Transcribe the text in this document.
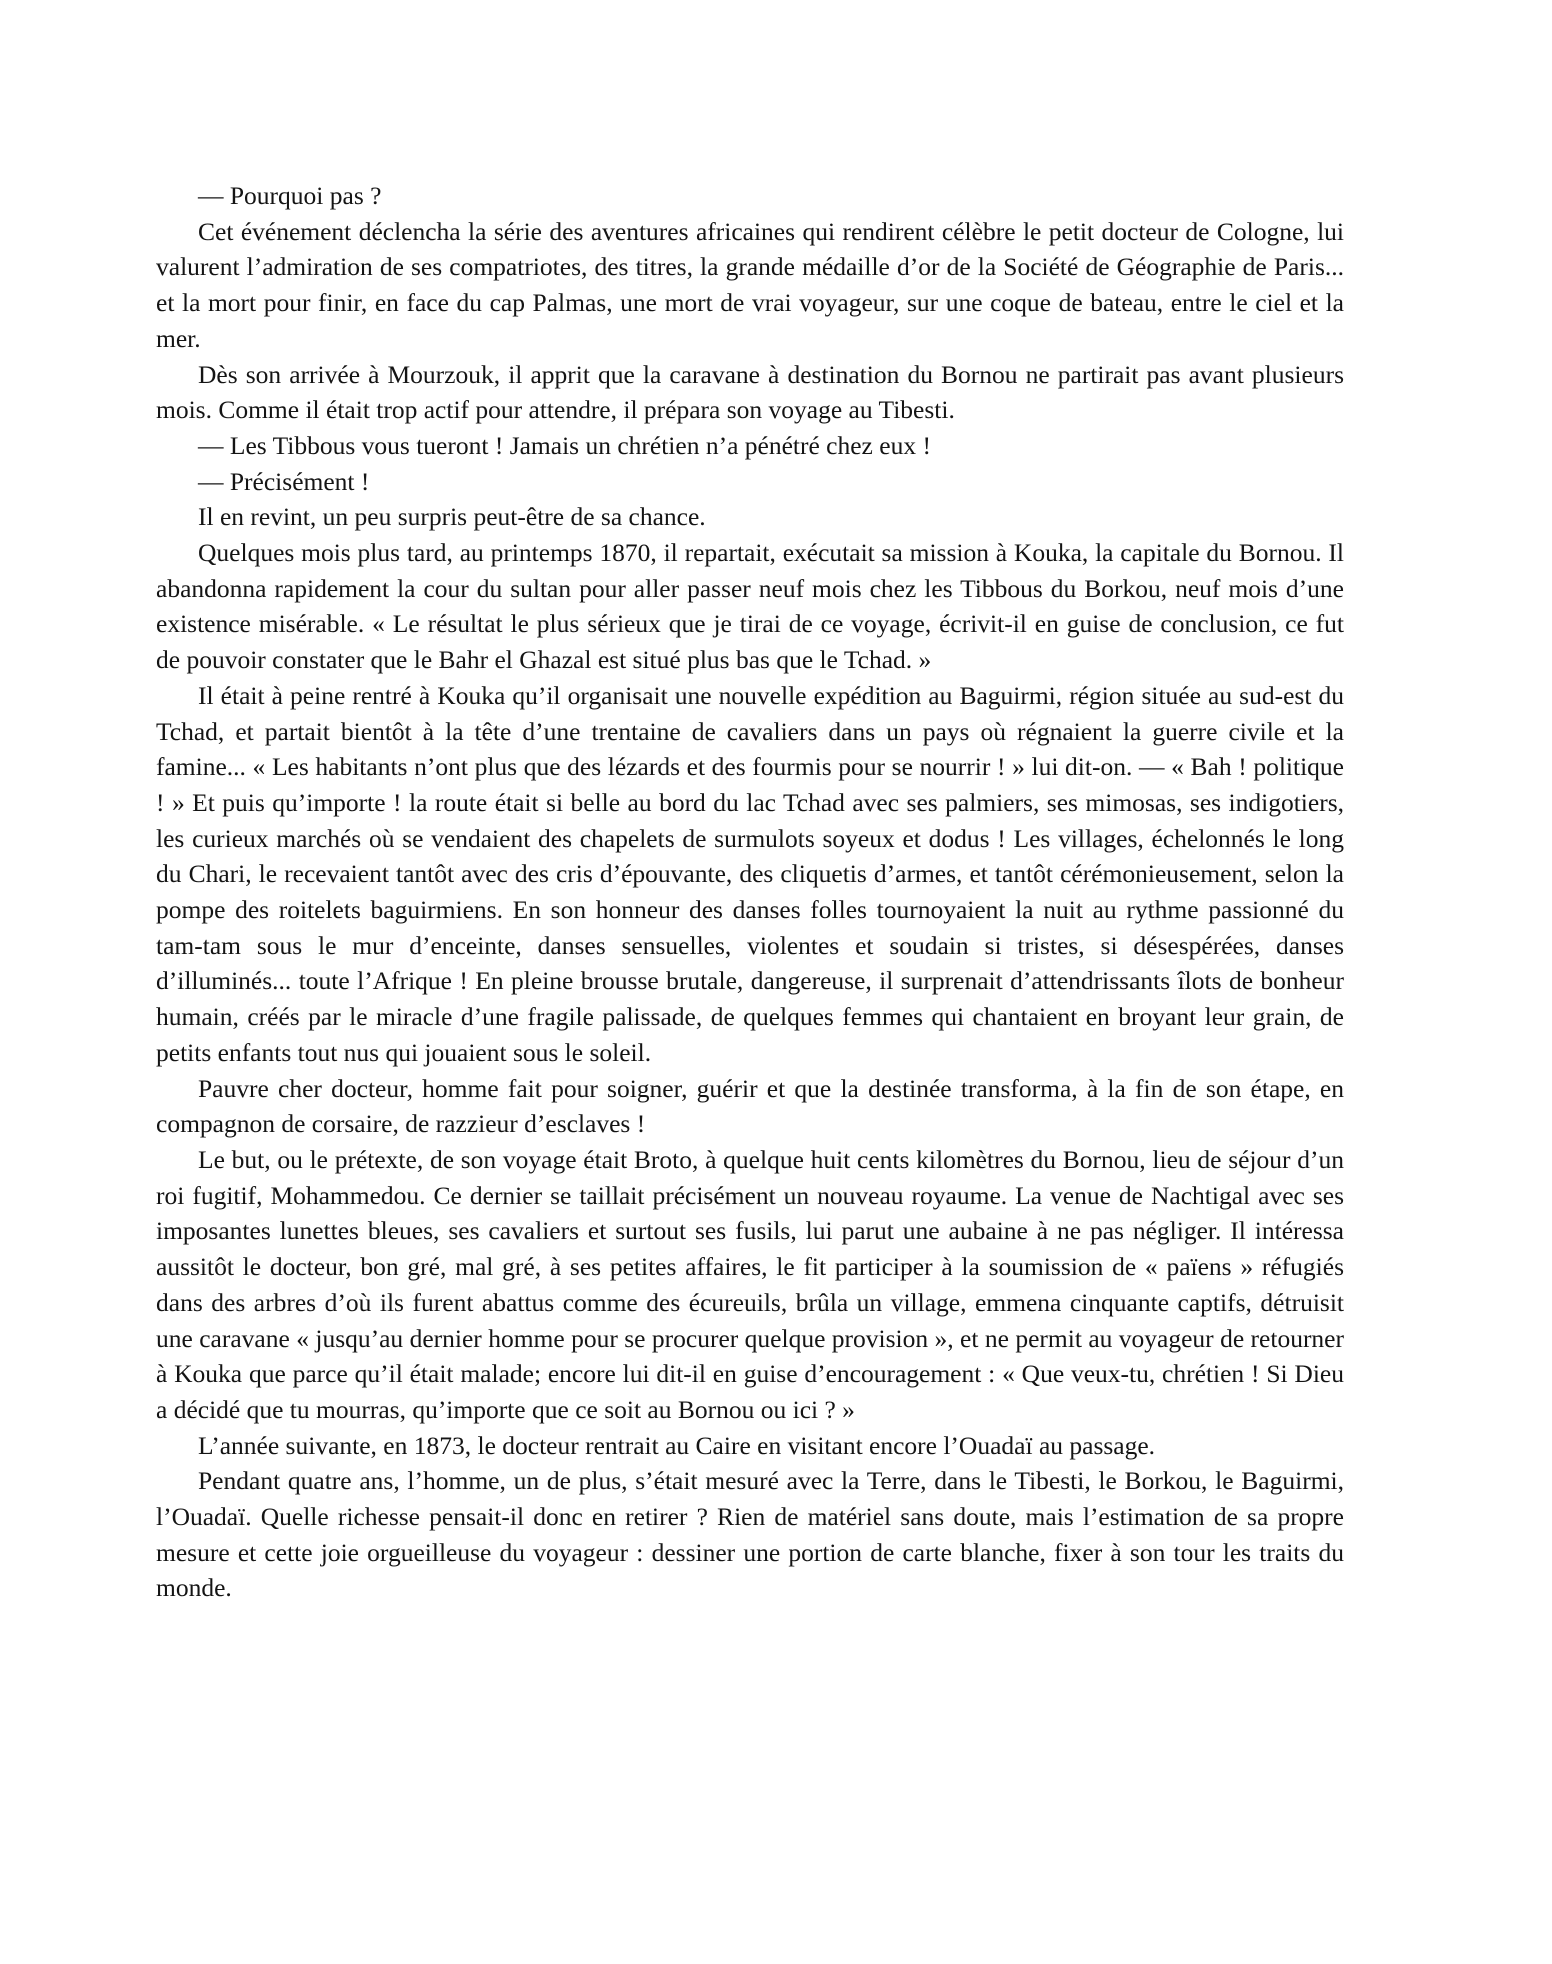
— Pourquoi pas ?

Cet événement déclencha la série des aventures africaines qui rendirent célèbre le petit docteur de Cologne, lui valurent l’admiration de ses compatriotes, des titres, la grande médaille d’or de la Société de Géographie de Paris... et la mort pour finir, en face du cap Palmas, une mort de vrai voyageur, sur une coque de bateau, entre le ciel et la mer.

Dès son arrivée à Mourzouk, il apprit que la caravane à destination du Bornou ne partirait pas avant plusieurs mois. Comme il était trop actif pour attendre, il prépara son voyage au Tibesti.

— Les Tibbous vous tueront ! Jamais un chrétien n’a pénétré chez eux !

— Précisément !

Il en revint, un peu surpris peut-être de sa chance.

Quelques mois plus tard, au printemps 1870, il repartait, exécutait sa mission à Kouka, la capitale du Bornou. Il abandonna rapidement la cour du sultan pour aller passer neuf mois chez les Tibbous du Borkou, neuf mois d’une existence misérable. « Le résultat le plus sérieux que je tirai de ce voyage, écrivit-il en guise de conclusion, ce fut de pouvoir constater que le Bahr el Ghazal est situé plus bas que le Tchad. »

Il était à peine rentré à Kouka qu’il organisait une nouvelle expédition au Baguirmi, région située au sud-est du Tchad, et partait bientôt à la tête d’une trentaine de cavaliers dans un pays où régnaient la guerre civile et la famine... « Les habitants n’ont plus que des lézards et des fourmis pour se nourrir ! » lui dit-on. — « Bah ! politique ! » Et puis qu’importe ! la route était si belle au bord du lac Tchad avec ses palmiers, ses mimosas, ses indigotiers, les curieux marchés où se vendaient des chapelets de surmulots soyeux et dodus ! Les villages, échelonnés le long du Chari, le recevaient tantôt avec des cris d’épouvante, des cliquetis d’armes, et tantôt cérémonieusement, selon la pompe des roitelets baguirmiens. En son honneur des danses folles tournoyaient la nuit au rythme passionné du tam-tam sous le mur d’enceinte, danses sensuelles, violentes et soudain si tristes, si désespérées, danses d’illuminés... toute l’Afrique ! En pleine brousse brutale, dangereuse, il surprenait d’attendrissants îlots de bonheur humain, créés par le miracle d’une fragile palissade, de quelques femmes qui chantaient en broyant leur grain, de petits enfants tout nus qui jouaient sous le soleil.

Pauvre cher docteur, homme fait pour soigner, guérir et que la destinée transforma, à la fin de son étape, en compagnon de corsaire, de razzieur d’esclaves !

Le but, ou le prétexte, de son voyage était Broto, à quelque huit cents kilomètres du Bornou, lieu de séjour d’un roi fugitif, Mohammedou. Ce dernier se taillait précisément un nouveau royaume. La venue de Nachtigal avec ses imposantes lunettes bleues, ses cavaliers et surtout ses fusils, lui parut une aubaine à ne pas négliger. Il intéressa aussitôt le docteur, bon gré, mal gré, à ses petites affaires, le fit participer à la soumission de « païens » réfugiés dans des arbres d’où ils furent abattus comme des écureuils, brûla un village, emmena cinquante captifs, détruisit une caravane « jusqu’au dernier homme pour se procurer quelque provision », et ne permit au voyageur de retourner à Kouka que parce qu’il était malade; encore lui dit-il en guise d’encouragement : « Que veux-tu, chrétien ! Si Dieu a décidé que tu mourras, qu’importe que ce soit au Bornou ou ici ? »

L’année suivante, en 1873, le docteur rentrait au Caire en visitant encore l’Ouadaï au passage.

Pendant quatre ans, l’homme, un de plus, s’était mesuré avec la Terre, dans le Tibesti, le Borkou, le Baguirmi, l’Ouadaï. Quelle richesse pensait-il donc en retirer ? Rien de matériel sans doute, mais l’estimation de sa propre mesure et cette joie orgueilleuse du voyageur : dessiner une portion de carte blanche, fixer à son tour les traits du monde.
